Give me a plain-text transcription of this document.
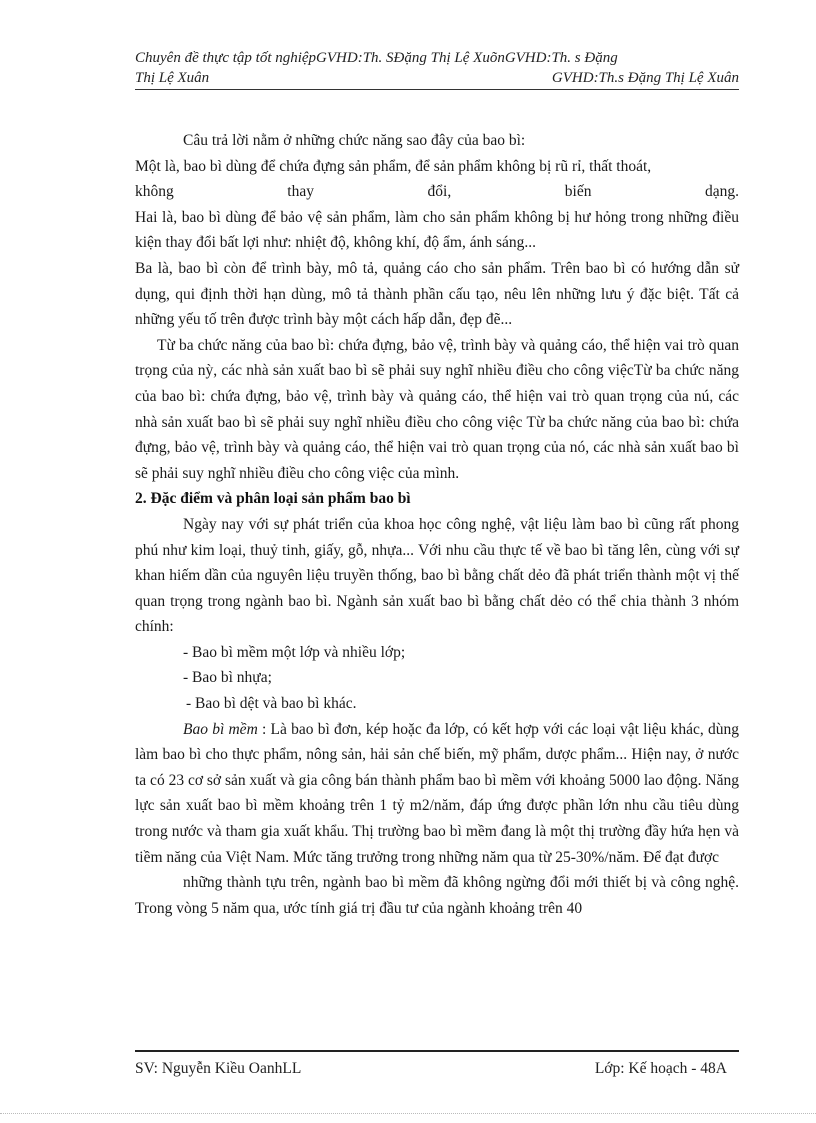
Chuyên đề thực tập tốt nghiệpGVHD:Th. SĐặng Thị Lệ XuõnGVHD:Th. s Đặng
Thị Lệ Xuân	GVHD:Th.s Đặng Thị Lệ Xuân

Câu trả lời nằm ở những chức năng sao đây của bao bì:

Một là, bao bì dùng để chứa đựng sản phẩm, để sản phẩm không bị rũ rỉ, thất thoát,

không thay đổi, biến dạng.

Hai là, bao bì dùng để bảo vệ sản phẩm, làm cho sản phẩm không bị hư hỏng trong những điều kiện thay đổi bất lợi như: nhiệt độ, không khí, độ ẩm, ánh sáng...

Ba là, bao bì còn để trình bày, mô tả, quảng cáo cho sản phẩm. Trên bao bì có hướng dẫn sử dụng, qui định thời hạn dùng, mô tả thành phần cấu tạo, nêu lên những lưu ý đặc biệt. Tất cả những yếu tố trên được trình bày một cách hấp dẫn, đẹp đẽ...

Từ ba chức năng của bao bì: chứa đựng, bảo vệ, trình bày và quảng cáo, thể hiện vai trò quan trọng của nỳ, các nhà sản xuất bao bì sẽ phải suy nghĩ nhiều điều cho công việcTừ ba chức năng của bao bì: chứa đựng, bảo vệ, trình bày và quảng cáo, thể hiện vai trò quan trọng của nú, các nhà sản xuất bao bì sẽ phải suy nghĩ nhiều điều cho công việc Từ ba chức năng của bao bì: chứa đựng, bảo vệ, trình bày và quảng cáo, thể hiện vai trò quan trọng của nó, các nhà sản xuất bao bì sẽ phải suy nghĩ nhiều điều cho công việc của mình.

2. Đặc điểm và phân loại sản phẩm bao bì

Ngày nay với sự phát triển của khoa học công nghệ, vật liệu làm bao bì cũng rất phong phú như kim loại, thuỷ tinh, giấy, gỗ, nhựa... Với nhu cầu thực tế về bao bì tăng lên, cùng với sự khan hiếm dần của nguyên liệu truyền thống, bao bì bằng chất dẻo đã phát triển thành một vị thế quan trọng trong ngành bao bì. Ngành sản xuất bao bì bằng chất dẻo có thể chia thành 3 nhóm chính:

- Bao bì mềm một lớp và nhiều lớp;

- Bao bì nhựa;

- Bao bì dệt và bao bì khác.

Bao bì mềm : Là bao bì đơn, kép hoặc đa lớp, có kết hợp với các loại vật liệu khác, dùng làm bao bì cho thực phẩm, nông sản, hải sản chế biến, mỹ phẩm, dược phẩm... Hiện nay, ở nước ta có 23 cơ sở sản xuất và gia công bán thành phẩm bao bì mềm với khoảng 5000 lao động. Năng lực sản xuất bao bì mềm khoảng trên 1 tỷ m2/năm, đáp ứng được phần lớn nhu cầu tiêu dùng trong nước và tham gia xuất khẩu. Thị trường bao bì mềm đang là một thị trường đầy hứa hẹn và tiềm năng của Việt Nam. Mức tăng trưởng trong những năm qua từ 25-30%/năm. Để đạt được

những thành tựu trên, ngành bao bì mềm đã không ngừng đổi mới thiết bị và công nghệ. Trong vòng 5 năm qua, ước tính giá trị đầu tư của ngành khoảng trên 40

SV: Nguyễn Kiều OanhLL	Lớp: Kế hoạch - 48A
